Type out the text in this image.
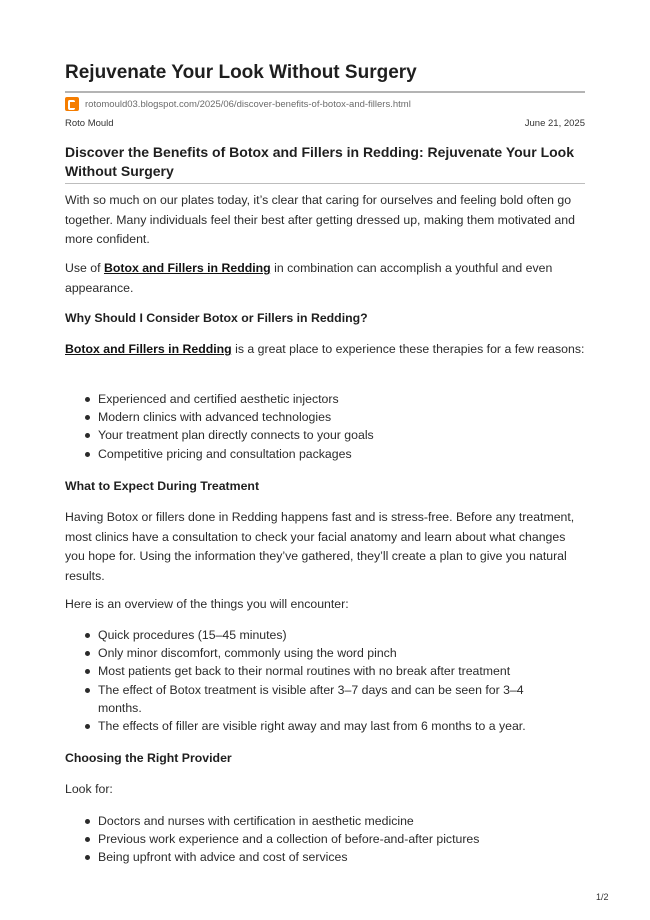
Rejuvenate Your Look Without Surgery
rotomould03.blogspot.com/2025/06/discover-benefits-of-botox-and-fillers.html
Roto Mould	June 21, 2025
Discover the Benefits of Botox and Fillers in Redding: Rejuvenate Your Look Without Surgery

With so much on our plates today, it’s clear that caring for ourselves and feeling bold often go together. Many individuals feel their best after getting dressed up, making them motivated and more confident.

Use of Botox and Fillers in Redding in combination can accomplish a youthful and even appearance.

Why Should I Consider Botox or Fillers in Redding?

Botox and Fillers in Redding is a great place to experience these therapies for a few reasons:

Experienced and certified aesthetic injectors
Modern clinics with advanced technologies
Your treatment plan directly connects to your goals
Competitive pricing and consultation packages
What to Expect During Treatment

Having Botox or fillers done in Redding happens fast and is stress-free. Before any treatment, most clinics have a consultation to check your facial anatomy and learn about what changes you hope for. Using the information they’ve gathered, they’ll create a plan to give you natural results.

Here is an overview of the things you will encounter:

Quick procedures (15–45 minutes)
Only minor discomfort, commonly using the word pinch
Most patients get back to their normal routines with no break after treatment
The effect of Botox treatment is visible after 3–7 days and can be seen for 3–4 months.
The effects of filler are visible right away and may last from 6 months to a year.
Choosing the Right Provider

Look for:

Doctors and nurses with certification in aesthetic medicine
Previous work experience and a collection of before-and-after pictures
Being upfront with advice and cost of services
1/2
